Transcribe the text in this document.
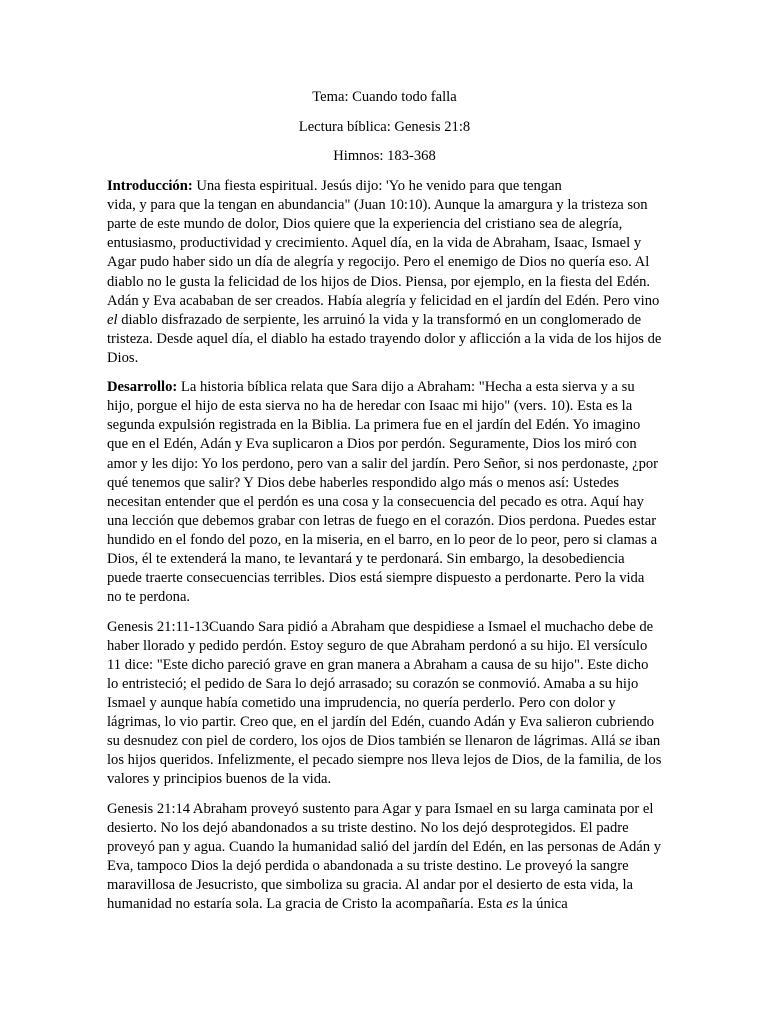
Tema: Cuando todo falla

Lectura bíblica: Genesis 21:8

Himnos: 183-368

Introducción: Una fiesta espiritual. Jesús dijo: 'Yo he venido para que tengan
vida, y para que la tengan en abundancia" (Juan 10:10). Aunque la amargura y la tristeza son parte de este mundo de dolor, Dios quiere que la experiencia del cristiano sea de alegría, entusiasmo, productividad y crecimiento. Aquel día, en la vida de Abraham, Isaac, Ismael y Agar pudo haber sido un día de alegría y regocijo. Pero el enemigo de Dios no quería eso. Al diablo no le gusta la felicidad de los hijos de Dios. Piensa, por ejemplo, en la fiesta del Edén. Adán y Eva acababan de ser creados. Había alegría y felicidad en el jardín del Edén. Pero vino el diablo disfrazado de serpiente, les arruinó la vida y la transformó en un conglomerado de tristeza. Desde aquel día, el diablo ha estado trayendo dolor y aflicción a la vida de los hijos de Dios.

Desarrollo: La historia bíblica relata que Sara dijo a Abraham: "Hecha a esta sierva y a su hijo, porgue el hijo de esta sierva no ha de heredar con Isaac mi hijo" (vers. 10). Esta es la segunda expulsión registrada en la Biblia. La primera fue en el jardín del Edén. Yo imagino que en el Edén, Adán y Eva suplicaron a Dios por perdón. Seguramente, Dios los miró con amor y les dijo: Yo los perdono, pero van a salir del jardín. Pero Señor, si nos perdonaste, ¿por qué tenemos que salir? Y Dios debe haberles respondido algo más o menos así: Ustedes necesitan entender que el perdón es una cosa y la consecuencia del pecado es otra. Aquí hay una lección que debemos grabar con letras de fuego en el corazón. Dios perdona. Puedes estar hundido en el fondo del pozo, en la miseria, en el barro, en lo peor de lo peor, pero si clamas a Dios, él te extenderá la mano, te levantará y te perdonará. Sin embargo, la desobediencia puede traerte consecuencias terribles. Dios está siempre dispuesto a perdonarte. Pero la vida no te perdona.

Genesis 21:11-13Cuando Sara pidió a Abraham que despidiese a Ismael el muchacho debe de haber llorado y pedido perdón. Estoy seguro de que Abraham perdonó a su hijo. El versículo 11 dice: "Este dicho pareció grave en gran manera a Abraham a causa de su hijo". Este dicho lo entristeció; el pedido de Sara lo dejó arrasado; su corazón se conmovió. Amaba a su hijo Ismael y aunque había cometido una imprudencia, no quería perderlo. Pero con dolor y lágrimas, lo vio partir. Creo que, en el jardín del Edén, cuando Adán y Eva salieron cubriendo su desnudez con piel de cordero, los ojos de Dios también se llenaron de lágrimas. Allá se iban los hijos queridos. Infelizmente, el pecado siempre nos lleva lejos de Dios, de la familia, de los valores y principios buenos de la vida.

Genesis 21:14 Abraham proveyó sustento para Agar y para Ismael en su larga caminata por el desierto. No los dejó abandonados a su triste destino. No los dejó desprotegidos. El padre proveyó pan y agua. Cuando la humanidad salió del jardín del Edén, en las personas de Adán y Eva, tampoco Dios la dejó perdida o abandonada a su triste destino. Le proveyó la sangre maravillosa de Jesucristo, que simboliza su gracia. Al andar por el desierto de esta vida, la humanidad no estaría sola. La gracia de Cristo la acompañaría. Esta es la única
